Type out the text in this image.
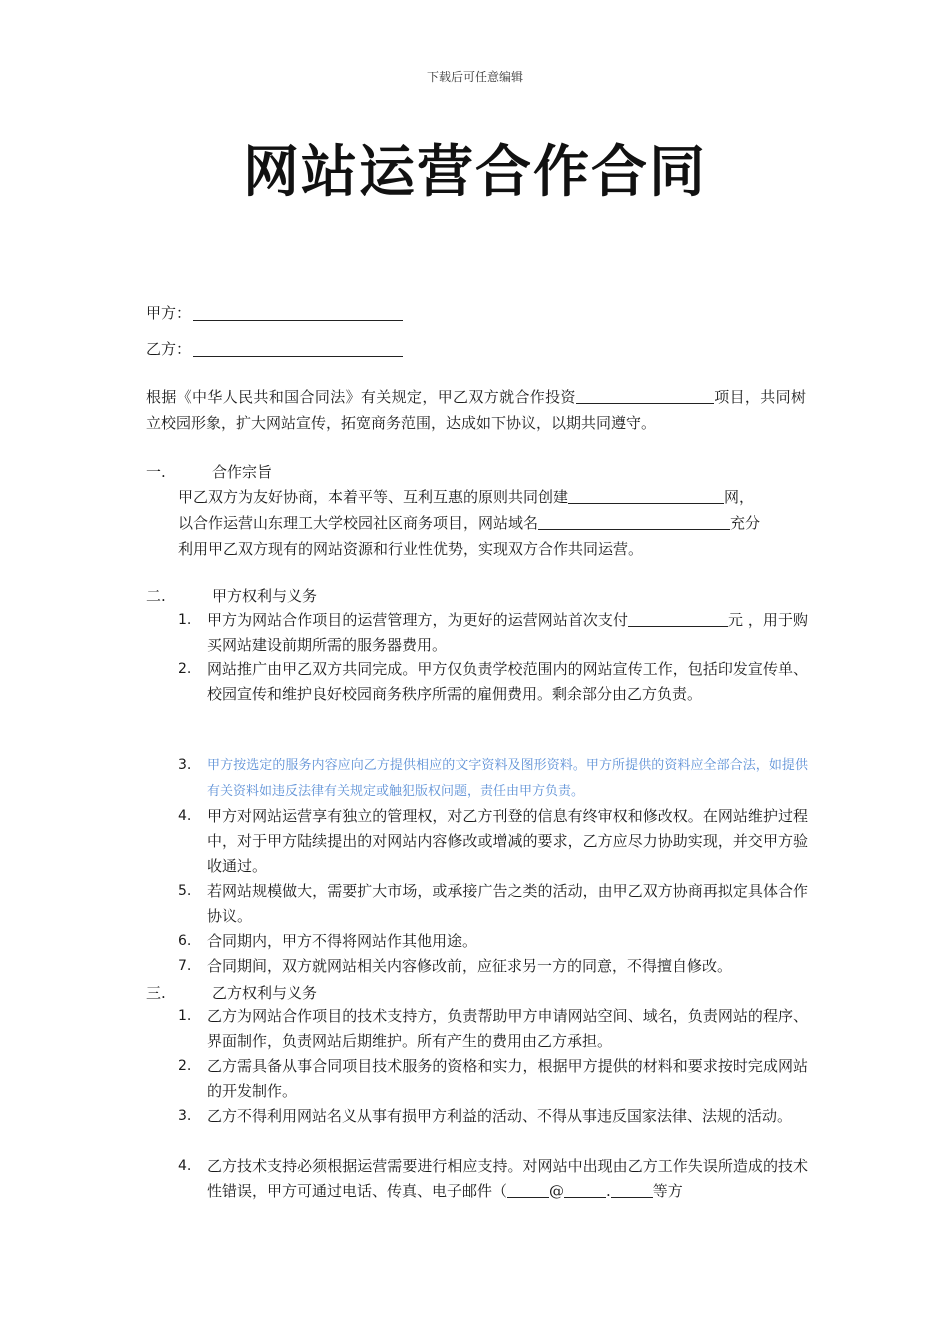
下载后可任意编辑
网站运营合作合同
甲方：
乙方：
根据《中华人民共和国合同法》有关规定，甲乙双方就合作投资	项目，共同树立校园形象，扩大网站宣传，拓宽商务范围，达成如下协议，以期共同遵守。
一.	合作宗旨
甲乙双方为友好协商，本着平等、互利互惠的原则共同创建	网，
以合作运营山东理工大学校园社区商务项目，网站域名	充分
利用甲乙双方现有的网站资源和行业性优势，实现双方合作共同运营。
二.	甲方权利与义务
1.	甲方为网站合作项目的运营管理方，为更好的运营网站首次支付	元 ，用于购买网站建设前期所需的服务器费用。
2.	网站推广由甲乙双方共同完成。甲方仅负责学校范围内的网站宣传工作，包括印发宣传单、校园宣传和维护良好校园商务秩序所需的雇佣费用。剩余部分由乙方负责。
3.	甲方按选定的服务内容应向乙方提供相应的文字资料及图形资料。甲方所提供的资料应全部合法，如提供有关资料如违反法律有关规定或触犯版权问题，责任由甲方负责。
4.	甲方对网站运营享有独立的管理权，对乙方刊登的信息有终审权和修改权。在网站维护过程中，对于甲方陆续提出的对网站内容修改或增减的要求，乙方应尽力协助实现，并交甲方验收通过。
5.	若网站规模做大，需要扩大市场，或承接广告之类的活动，由甲乙双方协商再拟定具体合作协议。
6.	合同期内，甲方不得将网站作其他用途。
7.	合同期间，双方就网站相关内容修改前，应征求另一方的同意，不得擅自修改。
三.	乙方权利与义务
1.	乙方为网站合作项目的技术支持方，负责帮助甲方申请网站空间、域名，负责网站的程序、界面制作，负责网站后期维护。所有产生的费用由乙方承担。
2.	乙方需具备从事合同项目技术服务的资格和实力，根据甲方提供的材料和要求按时完成网站的开发制作。
3.	乙方不得利用网站名义从事有损甲方利益的活动、不得从事违反国家法律、法规的活动。
4.	乙方技术支持必须根据运营需要进行相应支持。对网站中出现由乙方工作失误所造成的技术性错误，甲方可通过电话、传真、电子邮件（	@	.	等方
